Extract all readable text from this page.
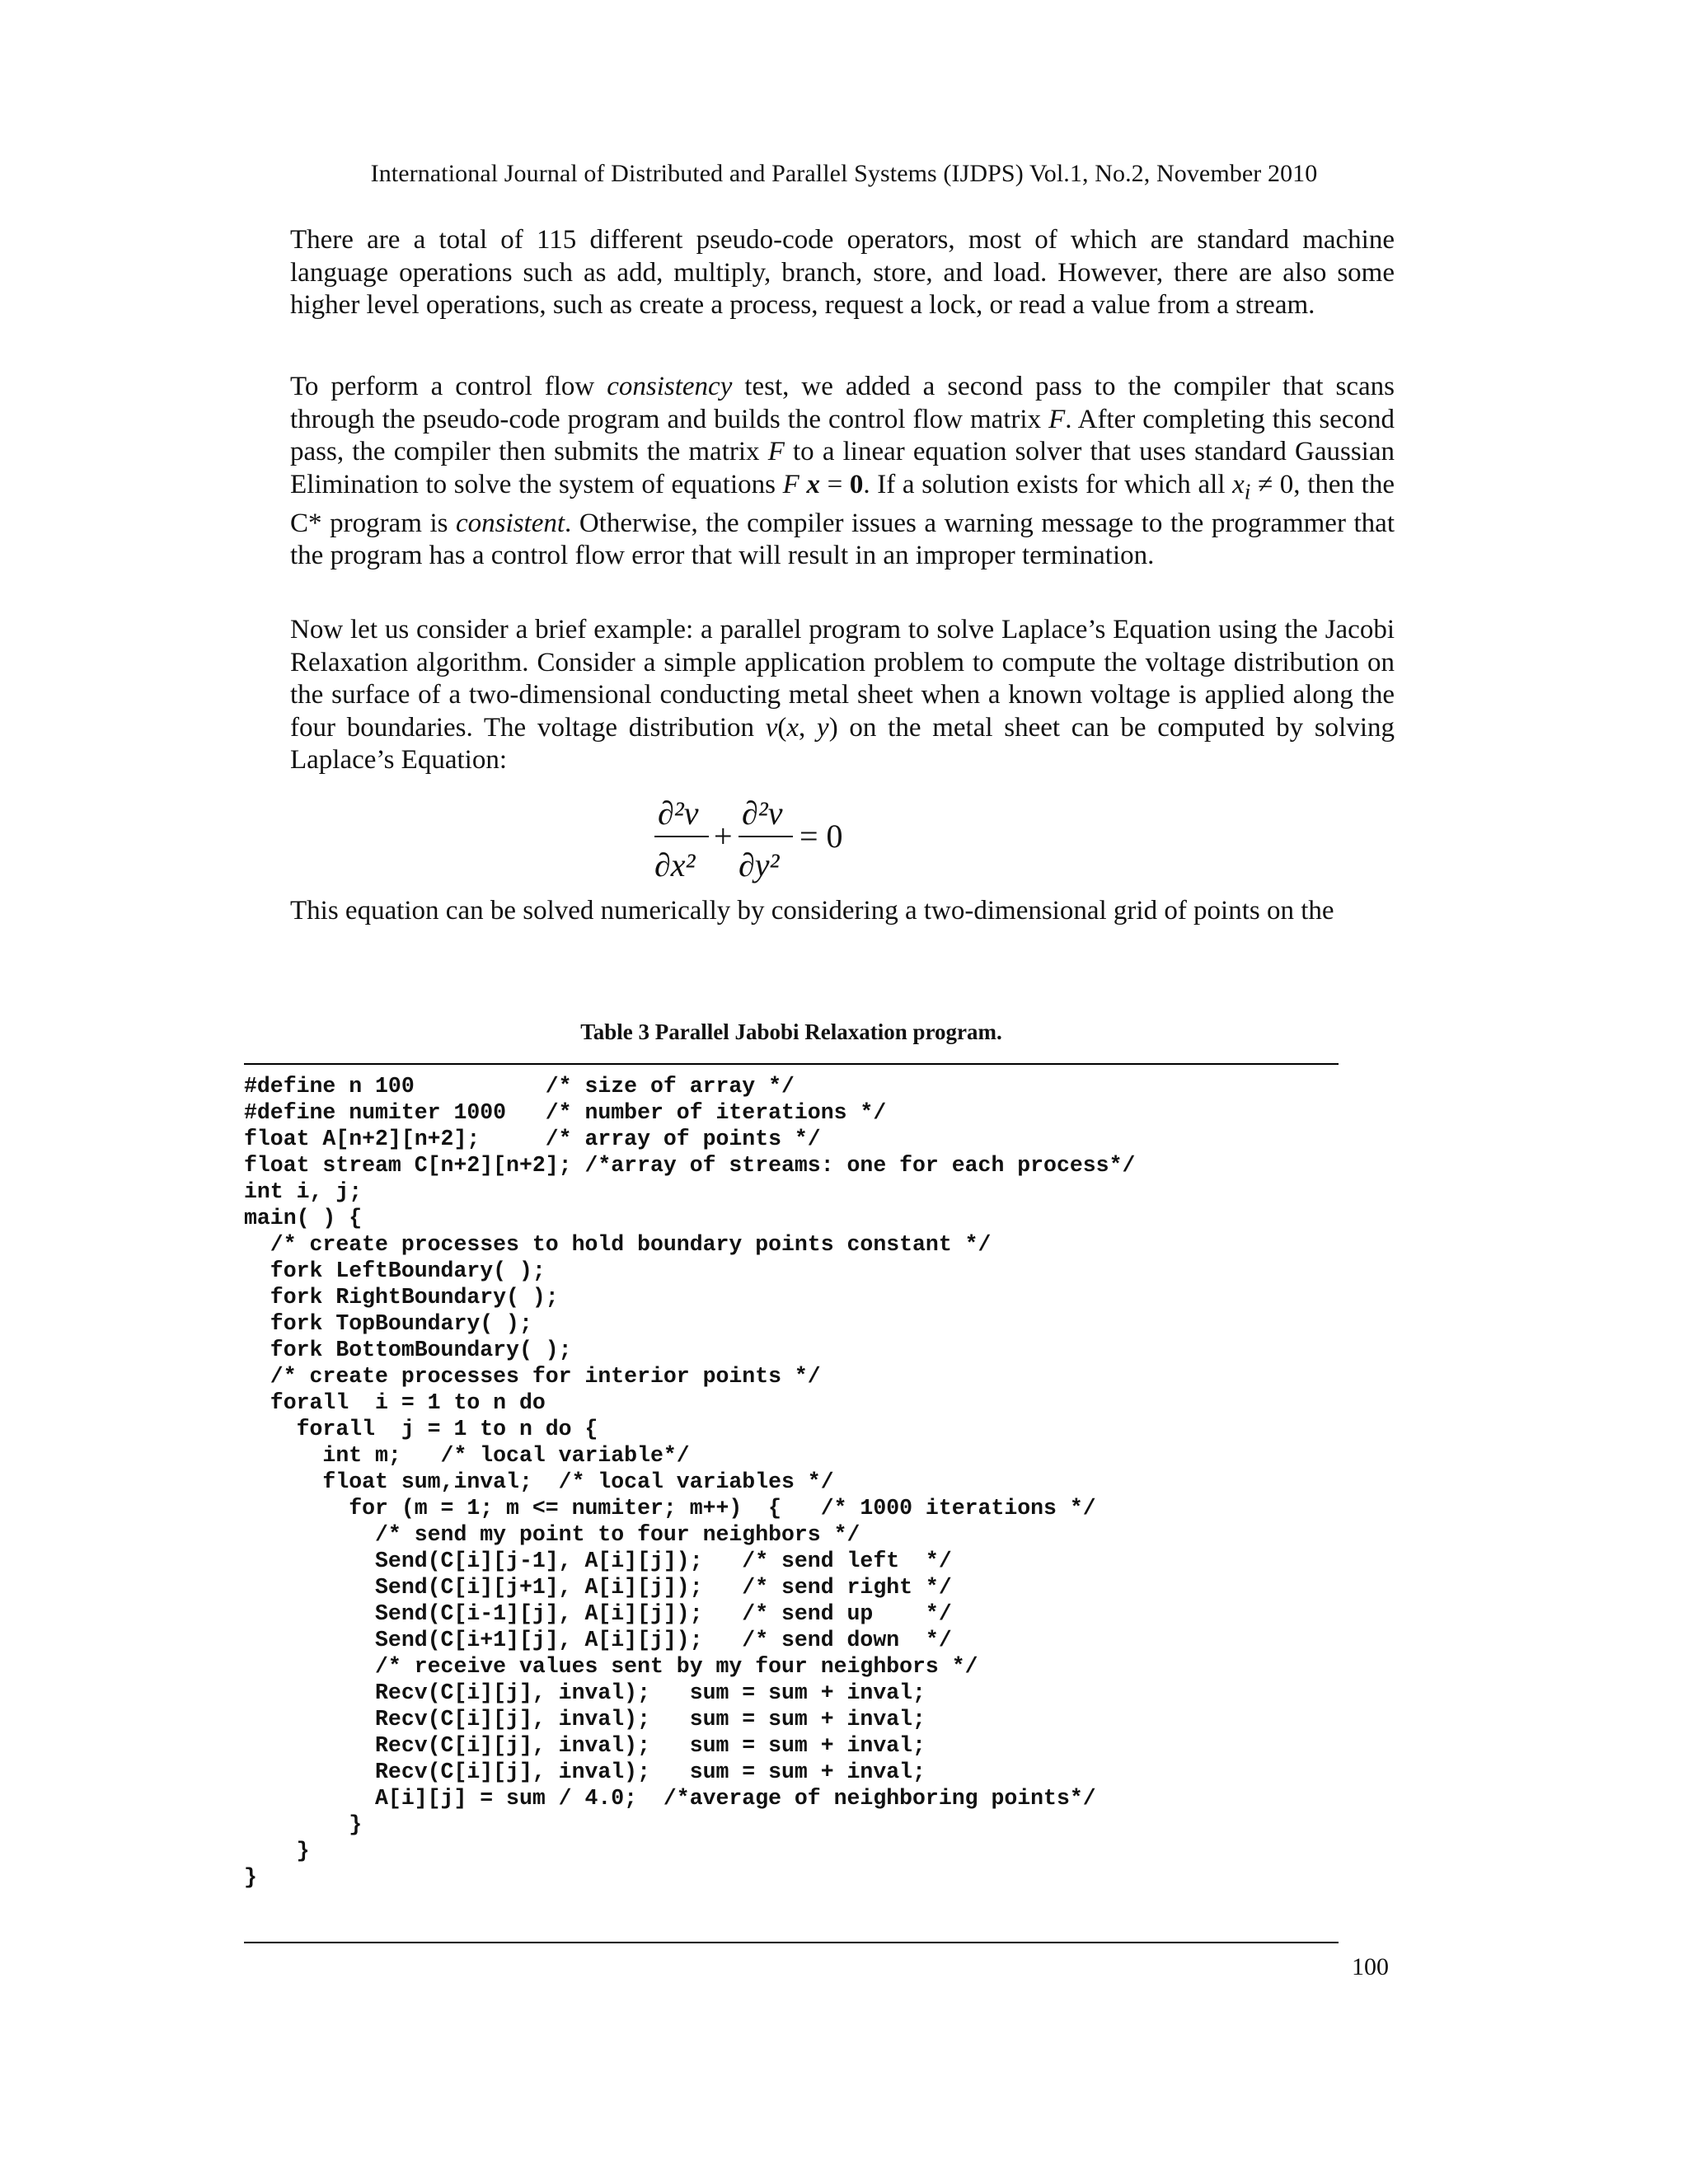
International Journal of Distributed and Parallel Systems (IJDPS) Vol.1, No.2, November 2010

There are a total of 115 different pseudo-code operators, most of which are standard machine language operations such as add, multiply, branch, store, and load. However, there are also some higher level operations, such as create a process, request a lock, or read a value from a stream.

To perform a control flow consistency test, we added a second pass to the compiler that scans through the pseudo-code program and builds the control flow matrix F. After completing this second pass, the compiler then submits the matrix F to a linear equation solver that uses standard Gaussian Elimination to solve the system of equations F x = 0. If a solution exists for which all $x_i \ne 0$, then the C* program is consistent. Otherwise, the compiler issues a warning message to the programmer that the program has a control flow error that will result in an improper termination.

Now let us consider a brief example: a parallel program to solve Laplace’s Equation using the Jacobi Relaxation algorithm. Consider a simple application problem to compute the voltage distribution on the surface of a two-dimensional conducting metal sheet when a known voltage is applied along the four boundaries. The voltage distribution v(x, y) on the metal sheet can be computed by solving Laplace’s Equation:

∂²v
∂x²
+
∂²v
∂y²
= 0

This equation can be solved numerically by considering a two-dimensional grid of points on the

Table 3 Parallel Jabobi Relaxation program.
#define n 100          /* size of array */
#define numiter 1000   /* number of iterations */
float A[n+2][n+2];     /* array of points */
float stream C[n+2][n+2]; /*array of streams: one for each process*/
int i, j;
main( ) {
/* create processes to hold boundary points constant */
fork LeftBoundary( );
fork RightBoundary( );
fork TopBoundary( );
fork BottomBoundary( );
/* create processes for interior points */
forall  i = 1 to n do
forall  j = 1 to n do {
int m;   /* local variable*/
float sum,inval;  /* local variables */
for (m = 1; m <= numiter; m++)  {   /* 1000 iterations */
/* send my point to four neighbors */
Send(C[i][j-1], A[i][j]);   /* send left  */
Send(C[i][j+1], A[i][j]);   /* send right */
Send(C[i-1][j], A[i][j]);   /* send up    */
Send(C[i+1][j], A[i][j]);   /* send down  */
/* receive values sent by my four neighbors */
Recv(C[i][j], inval);   sum = sum + inval;
Recv(C[i][j], inval);   sum = sum + inval;
Recv(C[i][j], inval);   sum = sum + inval;
Recv(C[i][j], inval);   sum = sum + inval;
A[i][j] = sum / 4.0;  /*average of neighboring points*/
}
}
}
100
